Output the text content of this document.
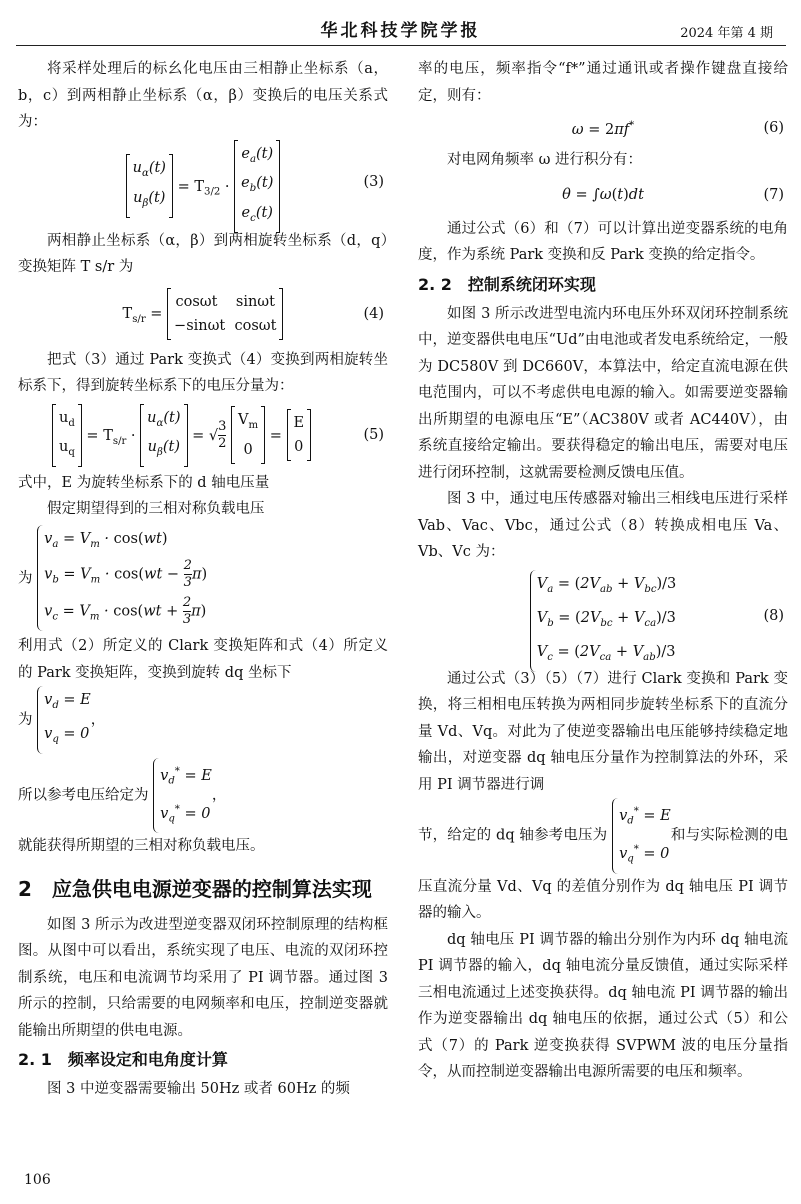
华北科技学院学报	2024 年第 4 期

将采样处理后的标幺化电压由三相静止坐标系（a，b，c）到两相静止坐标系（α，β）变换后的电压关系式为：

$u_\alpha(t)$
$u_\beta(t)$
= $T_{3/2}$ ·
$e_a(t)$
$e_b(t)$
$e_c(t)$
(3)

两相静止坐标系（α，β）到两相旋转坐标系（d，q）变换矩阵 T s/r 为

$T_{s/r}$ =
cosωt    sinωt
−sinωt  cosωt
(4)

把式（3）通过 Park 变换式（4）变换到两相旋转坐标系下，得到旋转坐标系下的电压分量为：

$u_d$
$u_q$
= $T_{s/r}$ ·
$u_\alpha(t)$
$u_\beta(t)$
= √ $\frac{3}{2}$
$V_m$
0
=
E
0
(5)

式中，E 为旋转坐标系下的 d 轴电压量

假定期望得到的三相对称负载电压

为
$v_a = V_m \cdot \cos(wt)$
$v_b = V_m \cdot \cos(wt - \frac{2}{3} \pi)$
$v_c = V_m \cdot \cos(wt + \frac{2}{3} \pi)$

利用式（2）所定义的 Clark 变换矩阵和式（4）所定义的 Park 变换矩阵，变换到旋转 dq 坐标下

为
$v_d = E$
$v_q = 0$
，
所以参考电压给定为
$v_d^* = E$
$v_q^* = 0$
，

就能获得所期望的三相对称负载电压。

2　应急供电电源逆变器的控制算法实现

如图 3 所示为改进型逆变器双闭环控制原理的结构框图。从图中可以看出，系统实现了电压、电流的双闭环控制系统，电压和电流调节均采用了 PI 调节器。通过图 3 所示的控制，只给需要的电网频率和电压，控制逆变器就能输出所期望的供电电源。

2. 1　频率设定和电角度计算

图 3 中逆变器需要输出 50Hz 或者 60Hz 的频

率的电压，频率指令“f*”通过通讯或者操作键盘直接给定，则有：

ω = 2πf*	(6)

对电网角频率 ω 进行积分有：

θ = ∫ω(t)dt	(7)

通过公式（6）和（7）可以计算出逆变器系统的电角度，作为系统 Park 变换和反 Park 变换的给定指令。

2. 2　控制系统闭环实现

如图 3 所示改进型电流内环电压外环双闭环控制系统中，逆变器供电电压“Ud”由电池或者发电系统给定，一般为 DC580V 到 DC660V，本算法中，给定直流电源在供电范围内，可以不考虑供电电源的输入。如需要逆变器输出所期望的电源电压“E”（AC380V 或者 AC440V），由系统直接给定输出。要获得稳定的输出电压，需要对电压进行闭环控制，这就需要检测反馈电压值。

图 3 中，通过电压传感器对输出三相线电压进行采样 Vab、Vac、Vbc，通过公式（8）转换成相电压 Va、Vb、Vc 为：

$V_a = (2V_{ab} + V_{bc})/3$
$V_b = (2V_{bc} + V_{ca})/3$
$V_c = (2V_{ca} + V_{ab})/3$
(8)

通过公式（3）（5）（7）进行 Clark 变换和 Park 变换，将三相相电压转换为两相同步旋转坐标系下的直流分量 Vd、Vq。对此为了使逆变器输出电压能够持续稳定地输出，对逆变器 dq 轴电压分量作为控制算法的外环，采用 PI 调节器进行调

节，给定的 dq 轴参考电压为
$v_d^* = E$
$v_q^* = 0$
和与实际检测的电压直流分量 Vd、Vq 的差值分别作为 dq 轴电压 PI 调节器的输入。

dq 轴电压 PI 调节器的输出分别作为内环 dq 轴电流 PI 调节器的输入，dq 轴电流分量反馈值，通过实际采样三相电流通过上述变换获得。dq 轴电流 PI 调节器的输出作为逆变器输出 dq 轴电压的依据，通过公式（5）和公式（7）的 Park 逆变换获得 SVPWM 波的电压分量指令，从而控制逆变器输出电源所需要的电压和频率。

106
